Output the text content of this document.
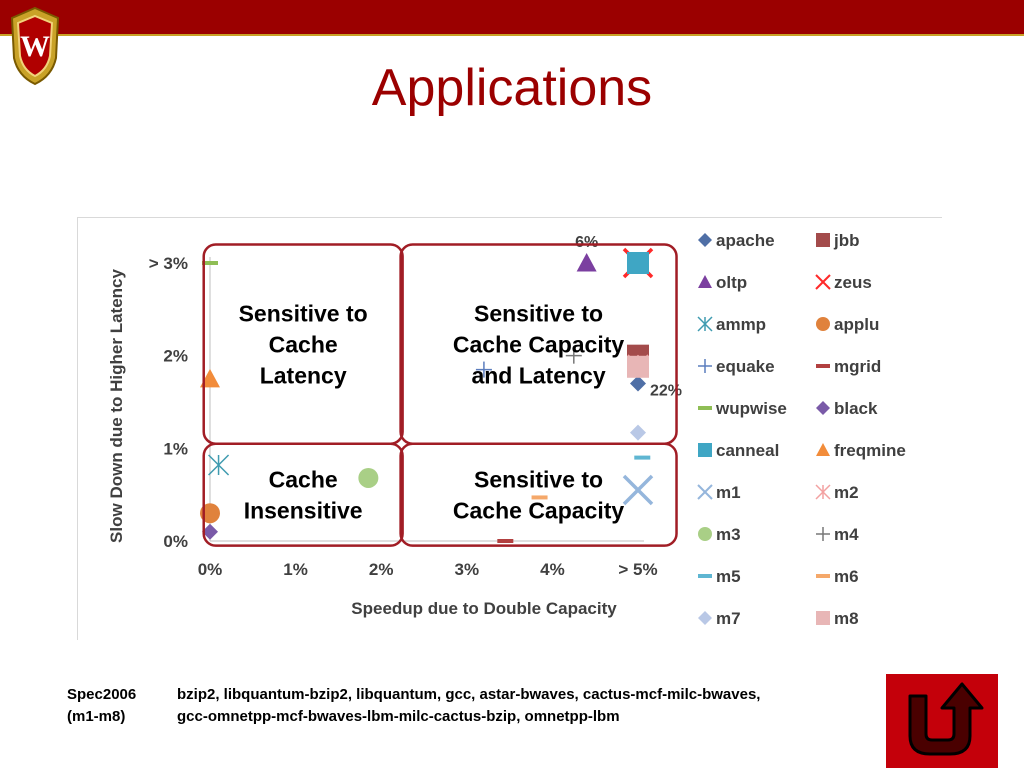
W
Applications
0%	1%	2%	3%	4%	> 5%
0%
1%
2%
> 3%
Speedup due to Double Capacity
Slow Down due to Higher Latency
6%
22%
Sensitive to
Cache
Latency
Sensitive to
Cache Capacity
and Latency
Cache
Insensitive
Sensitive to
Cache Capacity
apache	jbb
oltp	zeus
ammp	applu
equake	mgrid
wupwise	black
canneal	freqmine
m1	m2
m3	m4
m5	m6
m7	m8
Spec2006
(m1-m8)
bzip2, libquantum-bzip2, libquantum, gcc, astar-bwaves, cactus-mcf-milc-bwaves,
gcc-omnetpp-mcf-bwaves-lbm-milc-cactus-bzip, omnetpp-lbm
